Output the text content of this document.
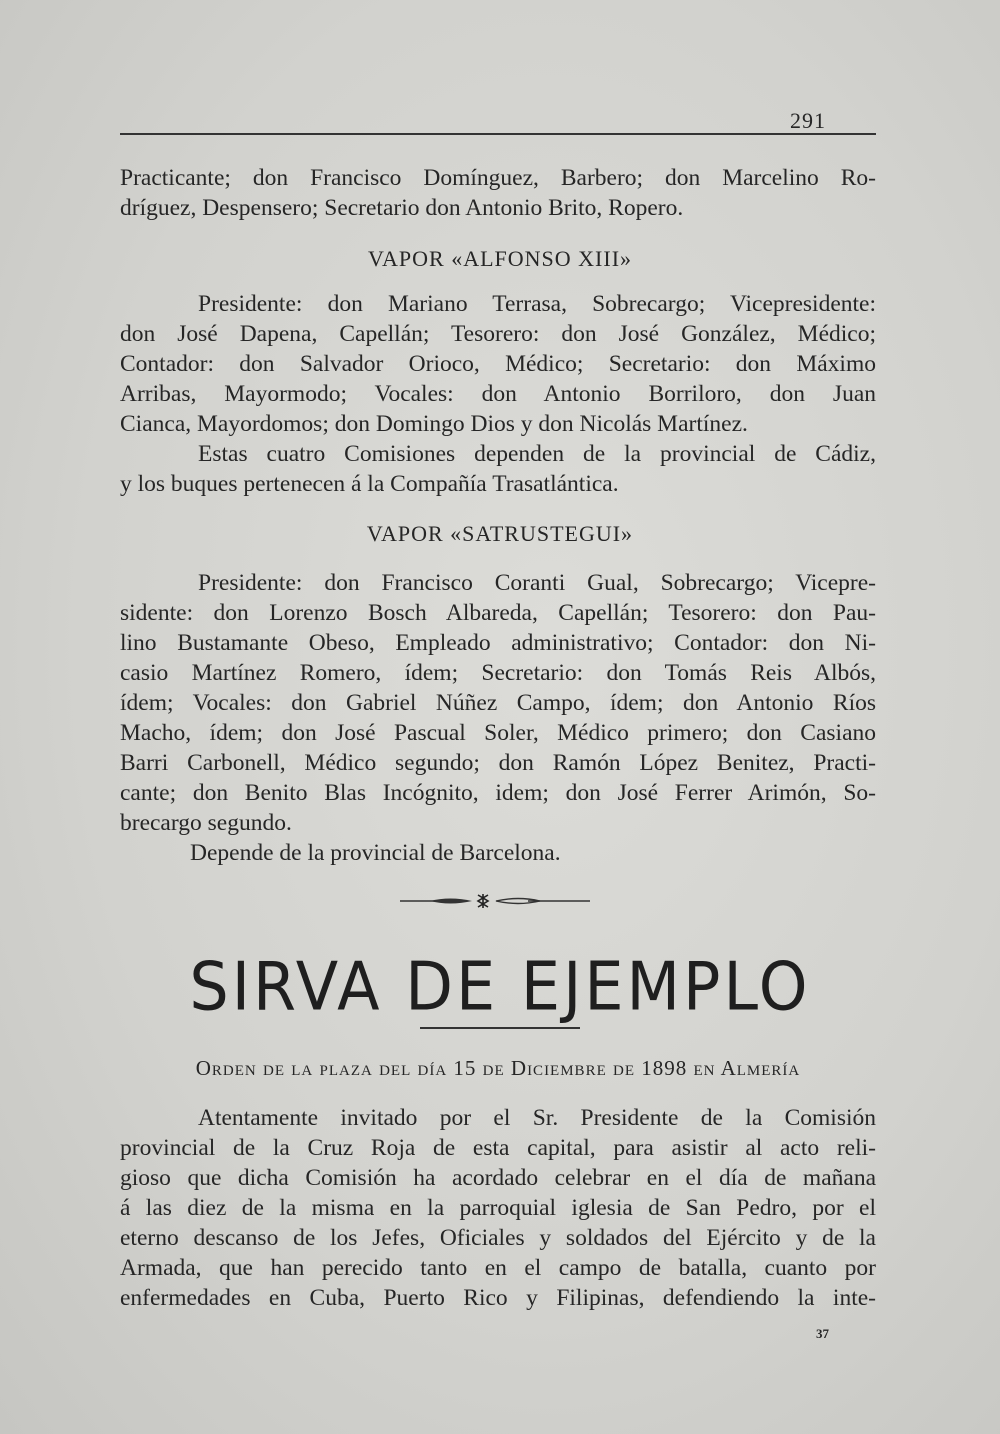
291
Practicante; don Francisco Domínguez, Barbero; don Marcelino Ro-
dríguez, Despensero; Secretario don Antonio Brito, Ropero.
VAPOR «ALFONSO XIII»
Presidente: don Mariano Terrasa, Sobrecargo; Vicepresidente:
don José Dapena, Capellán; Tesorero: don José González, Médico;
Contador: don Salvador Orioco, Médico; Secretario: don Máximo
Arribas, Mayormodo; Vocales: don Antonio Borriloro, don Juan
Cianca, Mayordomos; don Domingo Dios y don Nicolás Martínez.
Estas cuatro Comisiones dependen de la provincial de Cádiz,
y los buques pertenecen á la Compañía Trasatlántica.
VAPOR «SATRUSTEGUI»
Presidente: don Francisco Coranti Gual, Sobrecargo; Vicepre-
sidente: don Lorenzo Bosch Albareda, Capellán; Tesorero: don Pau-
lino Bustamante Obeso, Empleado administrativo; Contador: don Ni-
casio Martínez Romero, ídem; Secretario: don Tomás Reis Albós,
ídem; Vocales: don Gabriel Núñez Campo, ídem; don Antonio Ríos
Macho, ídem; don José Pascual Soler, Médico primero; don Casiano
Barri Carbonell, Médico segundo; don Ramón López Benitez, Practi-
cante; don Benito Blas Incógnito, idem; don José Ferrer Arimón, So-
brecargo segundo.
Depende de la provincial de Barcelona.
SIRVA DE EJEMPLO
Orden de la plaza del día 15 de Diciembre de 1898 en Almería
Atentamente invitado por el Sr. Presidente de la Comisión
provincial de la Cruz Roja de esta capital, para asistir al acto reli-
gioso que dicha Comisión ha acordado celebrar en el día de mañana
á las diez de la misma en la parroquial iglesia de San Pedro, por el
eterno descanso de los Jefes, Oficiales y soldados del Ejército y de la
Armada, que han perecido tanto en el campo de batalla, cuanto por
enfermedades en Cuba, Puerto Rico y Filipinas, defendiendo la inte-
37
